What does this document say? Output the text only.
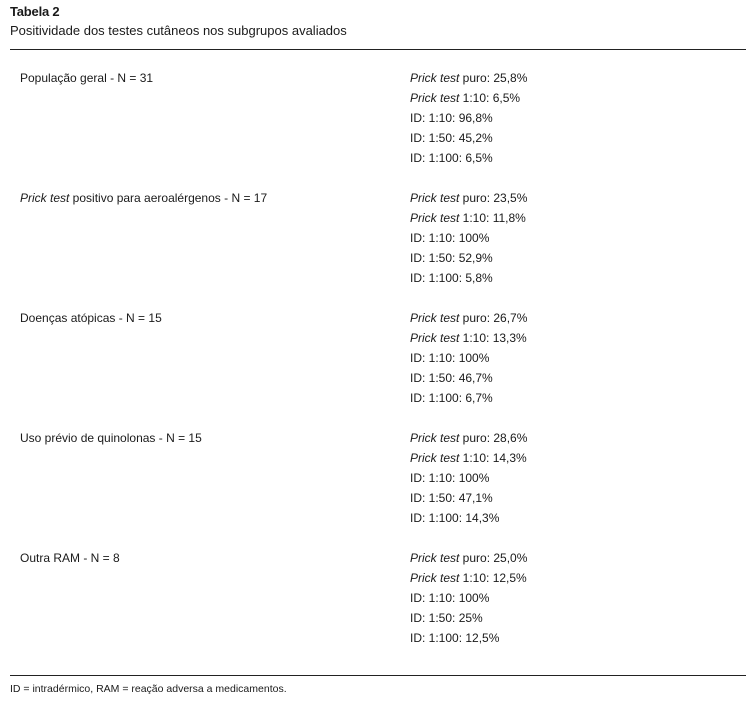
Tabela 2
Positividade dos testes cutâneos nos subgrupos avaliados
População geral - N = 31	Prick test puro: 25,8%
Prick test 1:10: 6,5%
ID: 1:10: 96,8%
ID: 1:50: 45,2%
ID: 1:100: 6,5%
Prick test positivo para aeroalérgenos - N = 17	Prick test puro: 23,5%
Prick test 1:10: 11,8%
ID: 1:10: 100%
ID: 1:50: 52,9%
ID: 1:100: 5,8%
Doenças atópicas - N = 15	Prick test puro: 26,7%
Prick test 1:10: 13,3%
ID: 1:10: 100%
ID: 1:50: 46,7%
ID: 1:100: 6,7%
Uso prévio de quinolonas - N = 15	Prick test puro: 28,6%
Prick test 1:10: 14,3%
ID: 1:10: 100%
ID: 1:50: 47,1%
ID: 1:100: 14,3%
Outra RAM - N = 8	Prick test puro: 25,0%
Prick test 1:10: 12,5%
ID: 1:10: 100%
ID: 1:50: 25%
ID: 1:100: 12,5%
ID = intradérmico, RAM = reação adversa a medicamentos.
